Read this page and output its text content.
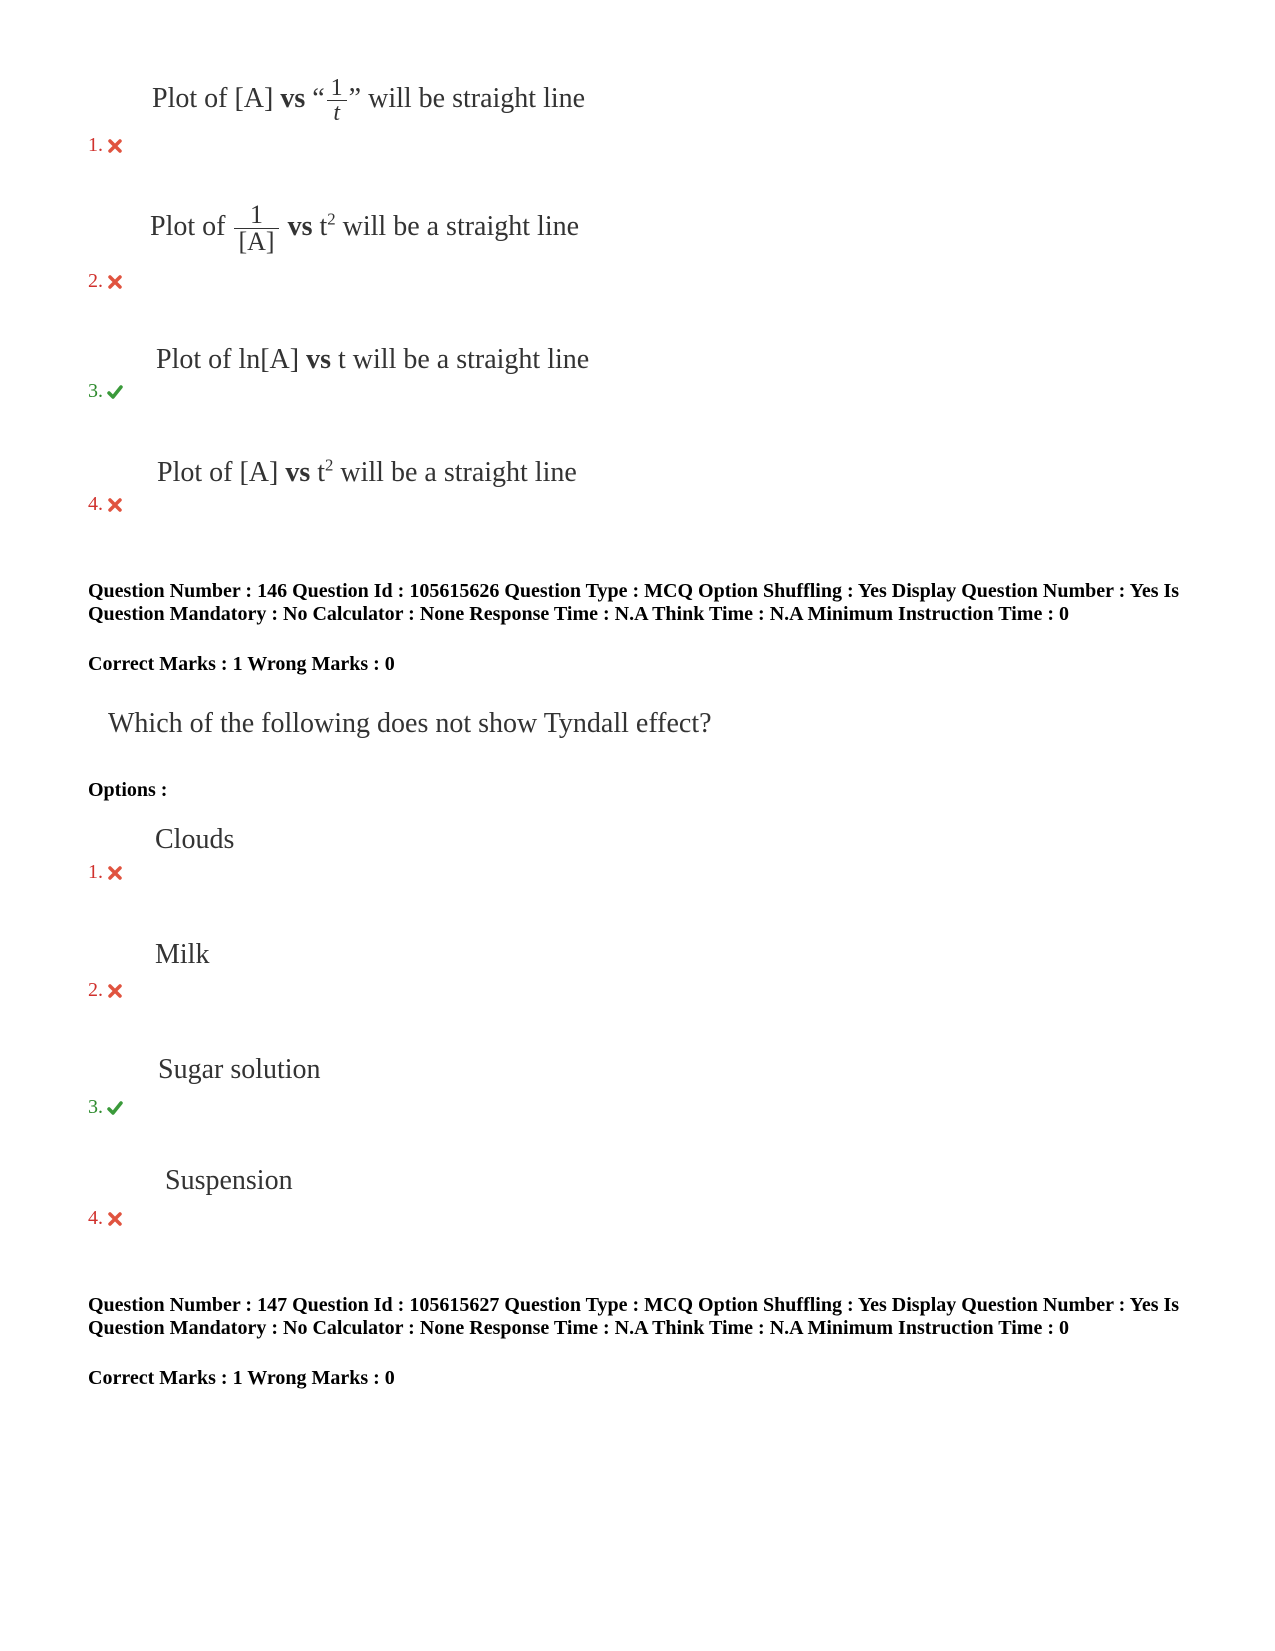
Plot of [A] vs “ $\frac{1}{t}$ ” will be straight line
1.
Plot of $\frac{1}{[A]}$ vs $t^2$ will be a straight line
2.
Plot of ln[A] vs t will be a straight line
3.
Plot of [A] vs $t^2$ will be a straight line
4.
Question Number : 146 Question Id : 105615626 Question Type : MCQ Option Shuffling : Yes Display Question Number : Yes Is Question Mandatory : No Calculator : None Response Time : N.A Think Time : N.A Minimum Instruction Time : 0
Correct Marks : 1 Wrong Marks : 0
Which of the following does not show Tyndall effect?
Options :
Clouds
1.
Milk
2.
Sugar solution
3.
Suspension
4.
Question Number : 147 Question Id : 105615627 Question Type : MCQ Option Shuffling : Yes Display Question Number : Yes Is Question Mandatory : No Calculator : None Response Time : N.A Think Time : N.A Minimum Instruction Time : 0
Correct Marks : 1 Wrong Marks : 0
